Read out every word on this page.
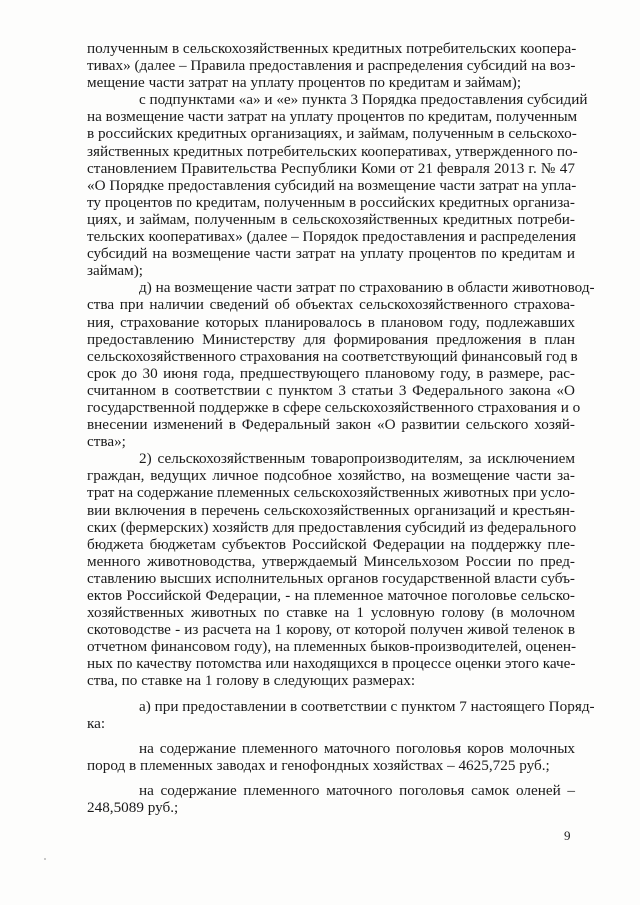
полученным в сельскохозяйственных кредитных потребительских коопера-
тивах» (далее – Правила предоставления и распределения субсидий на воз-
мещение части затрат на уплату процентов по кредитам и займам);
с подпунктами «а» и «е» пункта 3 Порядка предоставления субсидий
на возмещение части затрат на уплату процентов по кредитам, полученным
в российских кредитных организациях, и займам, полученным в сельскохо-
зяйственных кредитных потребительских кооперативах, утвержденного по-
становлением Правительства Республики Коми от 21 февраля 2013 г. № 47
«О Порядке предоставления субсидий на возмещение части затрат на упла-
ту процентов по кредитам, полученным в российских кредитных организа-
циях, и займам, полученным в сельскохозяйственных кредитных потреби-
тельских кооперативах» (далее – Порядок предоставления и распределения
субсидий на возмещение части затрат на уплату процентов по кредитам и
займам);
д) на возмещение части затрат по страхованию в области животновод-
ства при наличии сведений об объектах сельскохозяйственного страхова-
ния, страхование которых планировалось в плановом году, подлежавших
предоставлению Министерству для формирования предложения в план
сельскохозяйственного страхования на соответствующий финансовый год в
срок до 30 июня года, предшествующего плановому году, в размере, рас-
считанном в соответствии с пунктом 3 статьи 3 Федерального закона «О
государственной поддержке в сфере сельскохозяйственного страхования и о
внесении изменений в Федеральный закон «О развитии сельского хозяй-
ства»;
2) сельскохозяйственным товаропроизводителям, за исключением
граждан, ведущих личное подсобное хозяйство, на возмещение части за-
трат на содержание племенных сельскохозяйственных животных при усло-
вии включения в перечень сельскохозяйственных организаций и крестьян-
ских (фермерских) хозяйств для предоставления субсидий из федерального
бюджета бюджетам субъектов Российской Федерации на поддержку пле-
менного животноводства, утверждаемый Минсельхозом России по пред-
ставлению высших исполнительных органов государственной власти субъ-
ектов Российской Федерации, - на племенное маточное поголовье сельско-
хозяйственных животных по ставке на 1 условную голову (в молочном
скотоводстве - из расчета на 1 корову, от которой получен живой теленок в
отчетном финансовом году), на племенных быков-производителей, оценен-
ных по качеству потомства или находящихся в процессе оценки этого каче-
ства, по ставке на 1 голову в следующих размерах:
а) при предоставлении в соответствии с пунктом 7 настоящего Поряд-
ка:
на содержание племенного маточного поголовья коров молочных
пород в племенных заводах и генофондных хозяйствах – 4625,725 руб.;
на содержание племенного маточного поголовья самок оленей –
248,5089 руб.;
9
